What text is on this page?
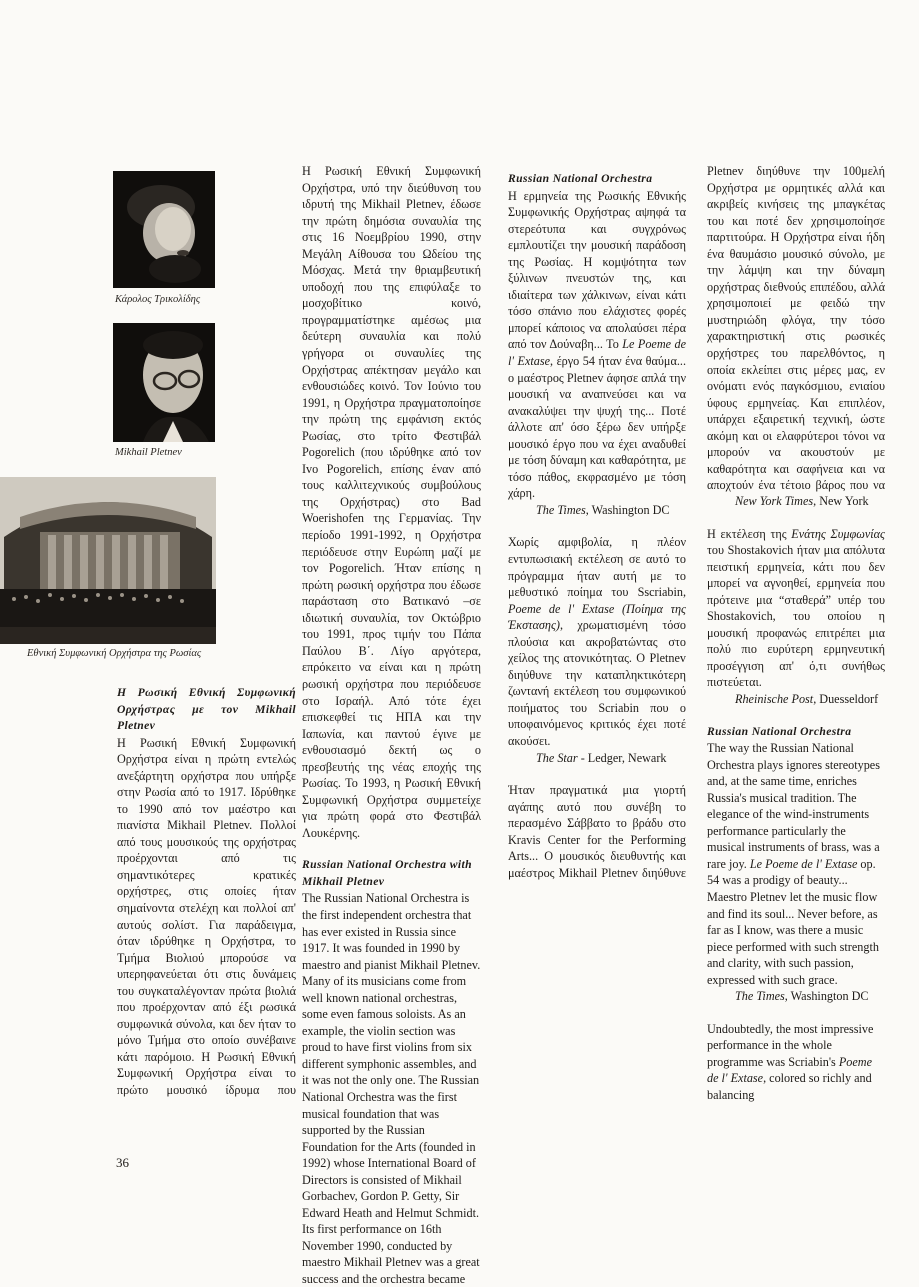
Κάρολος Τρικολίδης
Mikhail Pletnev
Εθνική Συμφωνική Ορχήστρα της Ρωσίας

Η Ρωσική Εθνική Συμφωνική Ορχήστρας με τον Mikhail Pletnev

Η Ρωσική Εθνική Συμφωνική Ορχήστρα είναι η πρώτη εντελώς ανεξάρτητη ορχήστρα που υπήρξε στην Ρωσία από το 1917. Ιδρύθηκε το 1990 από τον μαέστρο και πιανίστα Mikhail Pletnev. Πολλοί από τους μουσικούς της ορχήστρας προέρχονται από τις σημαντικότερες κρατικές ορχήστρες, στις οποίες ήταν σημαίνοντα στελέχη και πολλοί απ' αυτούς σολίστ. Για παράδειγμα, όταν ιδρύθηκε η Ορχήστρα, το Τμήμα Βιολιού μπορούσε να υπερηφανεύεται ότι στις δυνάμεις του συγκαταλέγονταν πρώτα βιολιά που προέρχονταν από έξι ρωσικά συμφωνικά σύνολα, και δεν ήταν το μόνο Τμήμα στο οποίο συνέβαινε κάτι παρόμοιο. Η Ρωσική Εθνική Συμφωνική Ορχήστρα είναι το πρώτο μουσικό ίδρυμα που

Η Ρωσική Εθνική Συμφωνική Ορχήστρα, υπό την διεύθυνση του ιδρυτή της Mikhail Pletnev, έδωσε την πρώτη δημόσια συναυλία της στις 16 Νοεμβρίου 1990, στην Μεγάλη Αίθουσα του Ωδείου της Μόσχας. Μετά την θριαμβευτική υποδοχή που της επιφύλαξε το μοσχοβίτικο κοινό, προγραμματίστηκε αμέσως μια δεύτερη συναυλία και πολύ γρήγορα οι συναυλίες της Ορχήστρας απέκτησαν μεγάλο και ενθουσιώδες κοινό. Τον Ιούνιο του 1991, η Ορχήστρα πραγματοποίησε την πρώτη της εμφάνιση εκτός Ρωσίας, στο τρίτο Φεστιβάλ Pogorelich (που ιδρύθηκε από τον Ivo Pogorelich, επίσης έναν από τους καλλιτεχνικούς συμβούλους της Ορχήστρας) στο Bad Woerishofen της Γερμανίας. Την περίοδο 1991-1992, η Ορχήστρα περιόδευσε στην Ευρώπη μαζί με τον Pogorelich. Ήταν επίσης η πρώτη ρωσική ορχήστρα που έδωσε παράσταση στο Βατικανό –σε ιδιωτική συναυλία, τον Οκτώβριο του 1991, προς τιμήν του Πάπα Παύλου Β΄. Λίγο αργότερα, επρόκειτο να είναι και η πρώτη ρωσική ορχήστρα που περιόδευσε στο Ισραήλ. Από τότε έχει επισκεφθεί τις ΗΠΑ και την Ιαπωνία, και παντού έγινε με ενθουσιασμό δεκτή ως ο πρεσβευτής της νέας εποχής της Ρωσίας. Το 1993, η Ρωσική Εθνική Συμφωνική Ορχήστρα συμμετείχε για πρώτη φορά στο Φεστιβάλ Λουκέρνης.

Russian National Orchestra with Mikhail Pletnev

The Russian National Orchestra is the first independent orchestra that has ever existed in Russia since 1917. It was founded in 1990 by maestro and pianist Mikhail Pletnev. Many of its musicians come from well known national orchestras, some even famous soloists. As an example, the violin section was proud to have first violins from six different symphonic assembles, and it was not the only one. The Russian National Orchestra was the first musical foundation that was supported by the Russian Foundation for the Arts (founded in 1992) whose International Board of Directors is consisted of Mikhail Gorbachev, Gordon P. Getty, Sir Edward Heath and Helmut Schmidt.

Its first performance on 16th November 1990, conducted by maestro Mikhail Pletnev was a great success and the orchestra became

Russian National Orchestra

Η ερμηνεία της Ρωσικής Εθνικής Συμφωνικής Ορχήστρας αψηφά τα στερεότυπα και συγχρόνως εμπλουτίζει την μουσική παράδοση της Ρωσίας. Η κομψότητα των ξύλινων πνευστών της, και ιδιαίτερα των χάλκινων, είναι κάτι τόσο σπάνιο που ελάχιστες φορές μπορεί κάποιος να απολαύσει πέρα από τον Δούναβη... Το Le Poeme de l' Extase, έργο 54 ήταν ένα θαύμα... ο μαέστρος Pletnev άφησε απλά την μουσική να αναπνεύσει και να ανακαλύψει την ψυχή της... Ποτέ άλλοτε απ' όσο ξέρω δεν υπήρξε μουσικό έργο που να έχει αναδυθεί με τόση δύναμη και καθαρότητα, με τόσο πάθος, εκφρασμένο με τόση χάρη.

The Times, Washington DC

Χωρίς αμφιβολία, η πλέον εντυπωσιακή εκτέλεση σε αυτό το πρόγραμμα ήταν αυτή με το μεθυστικό ποίημα του Sscriabin, Poeme de l' Extase (Ποίημα της Έκστασης), χρωματισμένη τόσο πλούσια και ακροβατώντας στο χείλος της ατονικότητας. Ο Pletnev διηύθυνε την καταπληκτικότερη ζωντανή εκτέλεση του συμφωνικού ποιήματος του Scriabin που ο υποφαινόμενος κριτικός έχει ποτέ ακούσει.

The Star - Ledger, Newark

Ήταν πραγματικά μια γιορτή αγάπης αυτό που συνέβη το περασμένο Σάββατο το βράδυ στο Kravis Center for the Performing Arts... Ο μουσικός διευθυντής και μαέστρος Mikhail Pletnev διηύθυνε

Pletnev διηύθυνε την 100μελή Ορχήστρα με ορμητικές αλλά και ακριβείς κινήσεις της μπαγκέτας του και ποτέ δεν χρησιμοποίησε παρτιτούρα. Η Ορχήστρα είναι ήδη ένα θαυμάσιο μουσικό σύνολο, με την λάμψη και την δύναμη ορχήστρας διεθνούς επιπέδου, αλλά χρησιμοποιεί με φειδώ την μυστηριώδη φλόγα, την τόσο χαρακτηριστική στις ρωσικές ορχήστρες του παρελθόντος, η οποία εκλείπει στις μέρες μας, εν ονόματι ενός παγκόσμιου, ενιαίου ύφους ερμηνείας. Και επιπλέον, υπάρχει εξαιρετική τεχνική, ώστε ακόμη και οι ελαφρύτεροι τόνοι να μπορούν να ακουστούν με καθαρότητα και σαφήνεια και να αποχτούν ένα τέτοιο βάρος που να

New York Times, New York

Η εκτέλεση της Ενάτης Συμφωνίας του Shostakovich ήταν μια απόλυτα πειστική ερμηνεία, κάτι που δεν μπορεί να αγνοηθεί, ερμηνεία που πρότεινε μια “σταθερά” υπέρ του Shostakovich, του οποίου η μουσική προφανώς επιτρέπει μια πολύ πιο ευρύτερη ερμηνευτική προσέγγιση απ' ό,τι συνήθως πιστεύεται.

Rheinische Post, Duesseldorf

Russian National Orchestra

The way the Russian National Orchestra plays ignores stereotypes and, at the same time, enriches Russia's musical tradition. The elegance of the wind-instruments performance particularly the musical instruments of brass, was a rare joy. Le Poeme de l' Extase op. 54 was a prodigy of beauty... Maestro Pletnev let the music flow and find its soul... Never before, as far as I know, was there a music piece performed with such strength and clarity, with such passion, expressed with such grace.

The Times, Washington DC

Undoubtedly, the most impressive performance in the whole programme was Scriabin's Poeme de l' Extase, colored so richly and balancing

36
